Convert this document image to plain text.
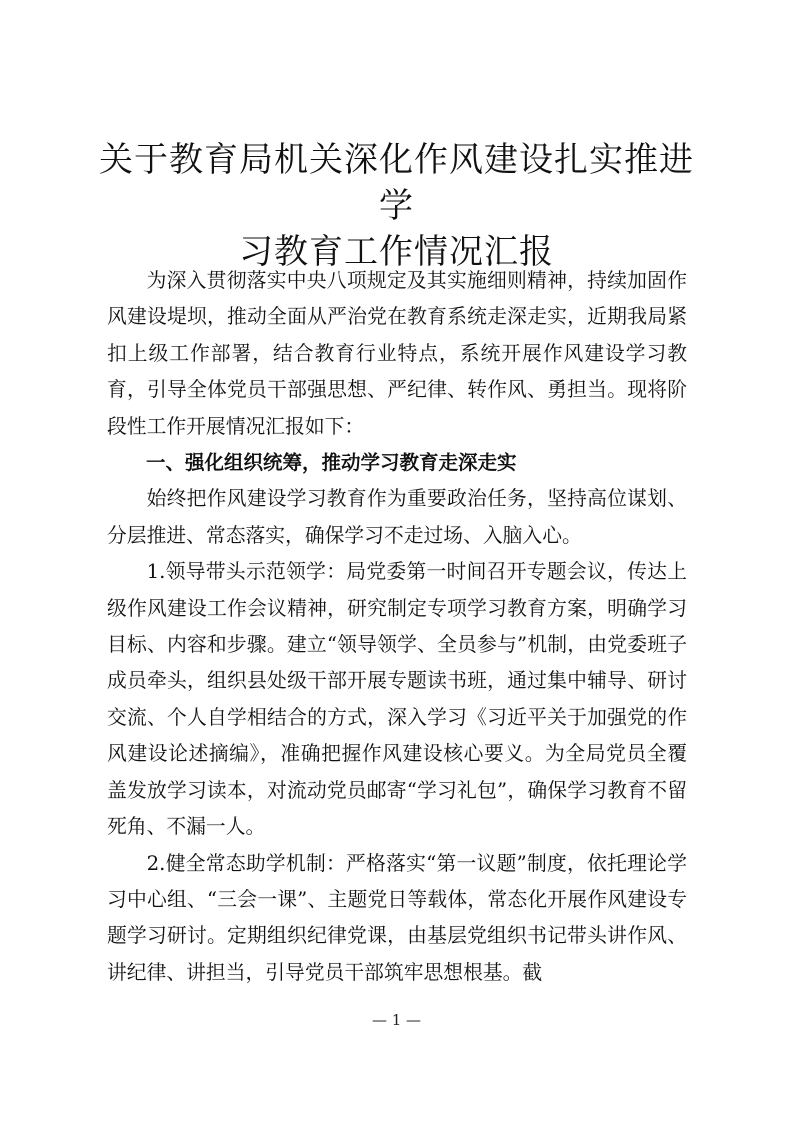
关于教育局机关深化作风建设扎实推进学
习教育工作情况汇报

为深入贯彻落实中央八项规定及其实施细则精神，持续加固作风建设堤坝，推动全面从严治党在教育系统走深走实，近期我局紧扣上级工作部署，结合教育行业特点，系统开展作风建设学习教育，引导全体党员干部强思想、严纪律、转作风、勇担当。现将阶段性工作开展情况汇报如下：

一、强化组织统筹，推动学习教育走深走实

始终把作风建设学习教育作为重要政治任务，坚持高位谋划、分层推进、常态落实，确保学习不走过场、入脑入心。

1.领导带头示范领学：局党委第一时间召开专题会议，传达上级作风建设工作会议精神，研究制定专项学习教育方案，明确学习目标、内容和步骤。建立“领导领学、全员参与”机制，由党委班子成员牵头，组织县处级干部开展专题读书班，通过集中辅导、研讨交流、个人自学相结合的方式，深入学习《习近平关于加强党的作风建设论述摘编》，准确把握作风建设核心要义。为全局党员全覆盖发放学习读本，对流动党员邮寄“学习礼包”，确保学习教育不留死角、不漏一人。

2.健全常态助学机制：严格落实“第一议题”制度，依托理论学习中心组、“三会一课”、主题党日等载体，常态化开展作风建设专题学习研讨。定期组织纪律党课，由基层党组织书记带头讲作风、讲纪律、讲担当，引导党员干部筑牢思想根基。截

— 1 —
